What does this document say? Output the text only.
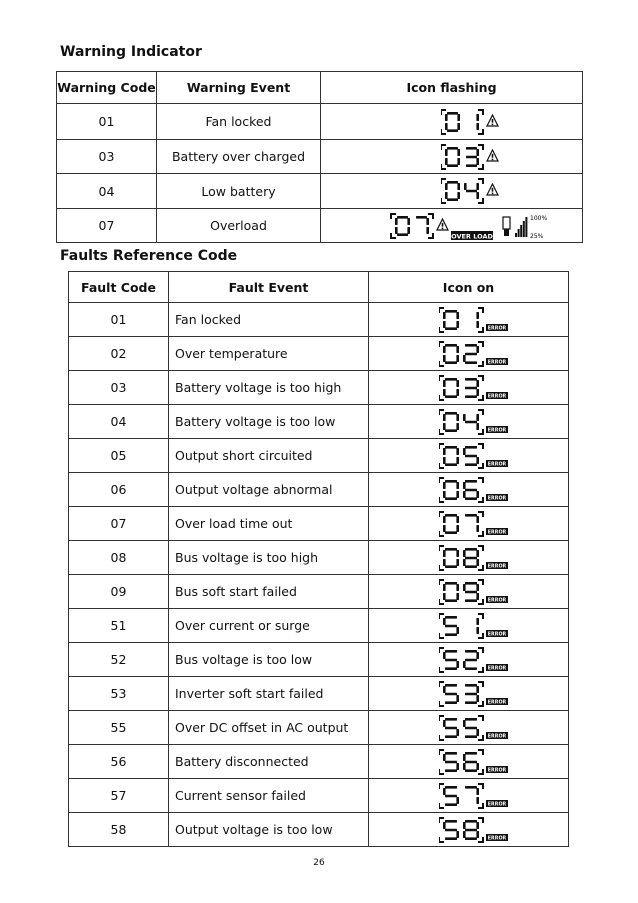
Warning Indicator
Warning Code	Warning Event	Icon flashing
01	Fan locked	

03	Battery over charged	

04	Low battery	

07	Overload	OVER LOAD
100%
25%
Faults Reference Code
Fault Code	Fault Event	Icon on
01	Fan locked	ERROR

02	Over temperature	ERROR

03	Battery voltage is too high	ERROR

04	Battery voltage is too low	ERROR

05	Output short circuited	ERROR

06	Output voltage abnormal	ERROR

07	Over load time out	ERROR

08	Bus voltage is too high	ERROR

09	Bus soft start failed	ERROR

51	Over current or surge	ERROR

52	Bus voltage is too low	ERROR

53	Inverter soft start failed	ERROR

55	Over DC offset in AC output	ERROR

56	Battery disconnected	ERROR

57	Current sensor failed	ERROR

58	Output voltage is too low	ERROR
26
